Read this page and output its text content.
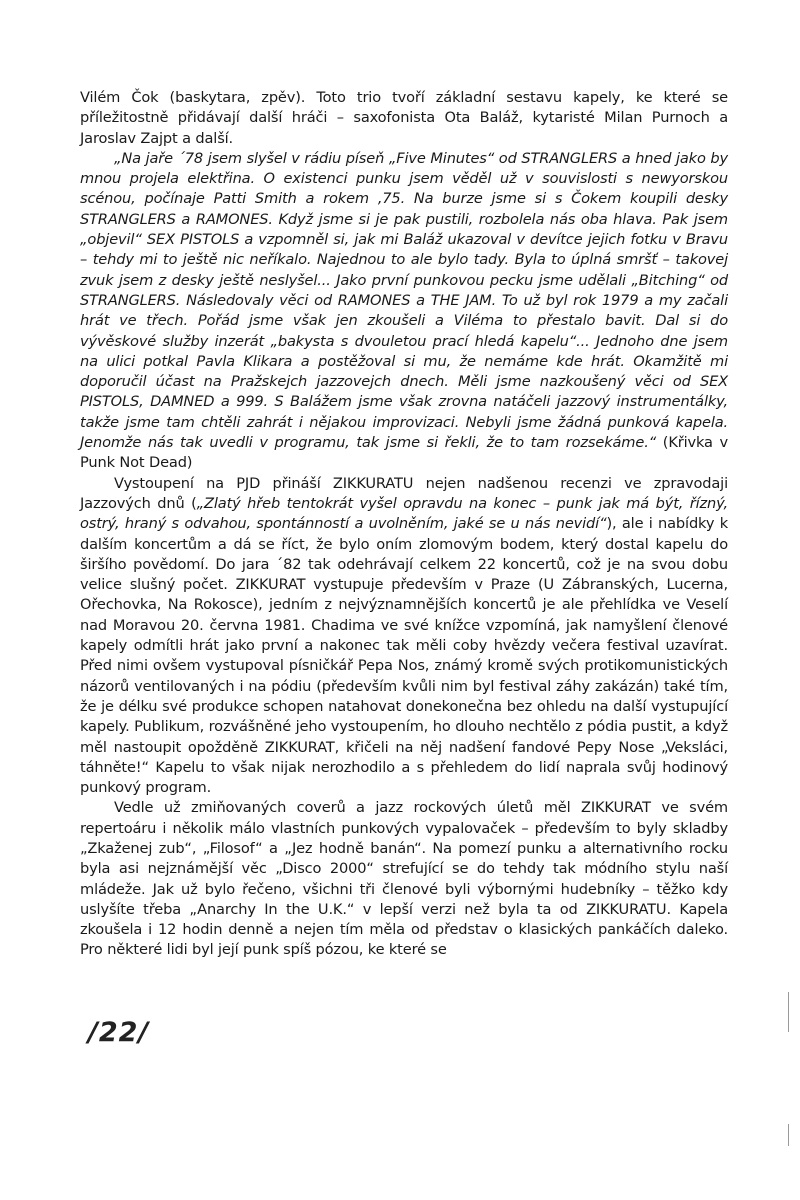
Vilém Čok (baskytara, zpěv). Toto trio tvoří základní sestavu kapely, ke které se příležitostně přidávají další hráči – saxofonista Ota Baláž, kytaristé Milan Purnoch a Jaroslav Zajpt a další.

„Na jaře ´78 jsem slyšel v rádiu píseň „Five Minutes“ od STRANGLERS a hned jako by mnou projela elektřina. O existenci punku jsem věděl už v souvislosti s newyorskou scénou, počínaje Patti Smith a rokem ,75. Na burze jsme si s Čokem koupili desky STRANGLERS a RAMONES. Když jsme si je pak pustili, rozbolela nás oba hlava. Pak jsem „objevil“ SEX PISTOLS a vzpomněl si, jak mi Baláž ukazoval v devítce jejich fotku v Bravu – tehdy mi to ještě nic neříkalo. Najednou to ale bylo tady. Byla to úplná smršť – takovej zvuk jsem z desky ještě neslyšel... Jako první punkovou pecku jsme udělali „Bitching“ od STRANGLERS. Následovaly věci od RAMONES a THE JAM. To už byl rok 1979 a my začali hrát ve třech. Pořád jsme však jen zkoušeli a Viléma to přestalo bavit. Dal si do vývěskové služby inzerát „bakysta s dvouletou prací hledá kapelu“... Jednoho dne jsem na ulici potkal Pavla Klikara a postěžoval si mu, že nemáme kde hrát. Okamžitě mi doporučil účast na Pražskejch jazzovejch dnech. Měli jsme nazkoušený věci od SEX PISTOLS, DAMNED a 999. S Balážem jsme však zrovna natáčeli jazzový instrumentálky, takže jsme tam chtěli zahrát i nějakou improvizaci. Nebyli jsme žádná punková kapela. Jenomže nás tak uvedli v programu, tak jsme si řekli, že to tam rozsekáme.“ (Křivka v Punk Not Dead)

Vystoupení na PJD přináší ZIKKURATU nejen nadšenou recenzi ve zpravodaji Jazzových dnů („Zlatý hřeb tentokrát vyšel opravdu na konec – punk jak má být, řízný, ostrý, hraný s odvahou, spontánností a uvolněním, jaké se u nás nevidí“), ale i nabídky k dalším koncertům a dá se říct, že bylo oním zlomovým bodem, který dostal kapelu do širšího povědomí. Do jara ´82 tak odehrávají celkem 22 koncertů, což je na svou dobu velice slušný počet. ZIKKURAT vystupuje především v Praze (U Zábranských, Lucerna, Ořechovka, Na Rokosce), jedním z nejvýznamnějších koncertů je ale přehlídka ve Veselí nad Moravou 20. června 1981. Chadima ve své knížce vzpomíná, jak namyšlení členové kapely odmítli hrát jako první a nakonec tak měli coby hvězdy večera festival uzavírat. Před nimi ovšem vystupoval písničkář Pepa Nos, známý kromě svých protikomunistických názorů ventilovaných i na pódiu (především kvůli nim byl festival záhy zakázán) také tím, že je délku své produkce schopen natahovat donekonečna bez ohledu na další vystupující kapely. Publikum, rozvášněné jeho vystoupením, ho dlouho nechtělo z pódia pustit, a když měl nastoupit opožděně ZIKKURAT, křičeli na něj nadšení fandové Pepy Nose „Veksláci, táhněte!“ Kapelu to však nijak nerozhodilo a s přehledem do lidí naprala svůj hodinový punkový program.

Vedle už zmiňovaných coverů a jazz rockových úletů měl ZIKKURAT ve svém repertoáru i několik málo vlastních punkových vypalovaček – především to byly skladby „Zkaženej zub“, „Filosof“ a „Jez hodně banán“. Na pomezí punku a alternativního rocku byla asi nejznámější věc „Disco 2000“ strefující se do tehdy tak módního stylu naší mládeže. Jak už bylo řečeno, všichni tři členové byli výbornými hudebníky – těžko kdy uslyšíte třeba „Anarchy In the U.K.“ v lepší verzi než byla ta od ZIKKURATU. Kapela zkoušela i 12 hodin denně a nejen tím měla od představ o klasických pankáčích daleko. Pro některé lidi byl její punk spíš pózou, ke které se

/22/
